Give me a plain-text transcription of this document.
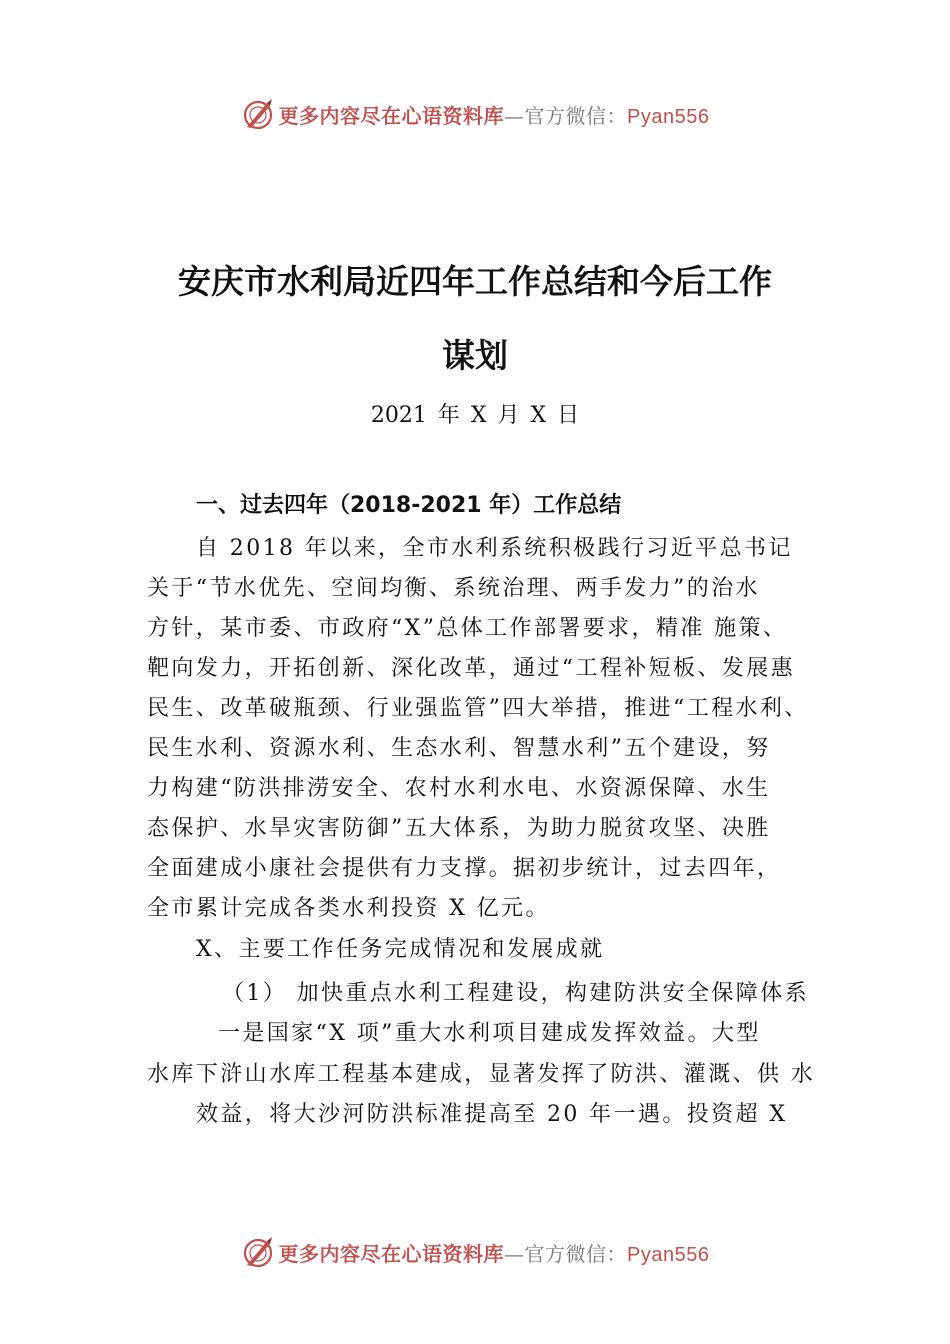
更多内容尽在心语资料库—官方微信：Pyan556
安庆市水利局近四年工作总结和今后工作
谋划
2021 年 X 月 X 日
一、过去四年（2018-2021 年）工作总结
自 2018 年以来，全市水利系统积极践行习近平总书记
关于“节水优先、空间均衡、系统治理、两手发力”的治水
方针，某市委、市政府“X”总体工作部署要求，精准 施策、
靶向发力，开拓创新、深化改革，通过“工程补短板、发展惠
民生、改革破瓶颈、行业强监管”四大举措，推进“工程水利、
民生水利、资源水利、生态水利、智慧水利”五个建设，努
力构建“防洪排涝安全、农村水利水电、水资源保障、水生
态保护、水旱灾害防御”五大体系，为助力脱贫攻坚、决胜
全面建成小康社会提供有力支撑。据初步统计，过去四年，
全市累计完成各类水利投资 X 亿元。
X、主要工作任务完成情况和发展成就
（1） 加快重点水利工程建设，构建防洪安全保障体系
一是国家“X 项”重大水利项目建成发挥效益。大型
水库下浒山水库工程基本建成，显著发挥了防洪、灌溉、供 水
效益，将大沙河防洪标准提高至 20 年一遇。投资超 X
更多内容尽在心语资料库—官方微信：Pyan556
